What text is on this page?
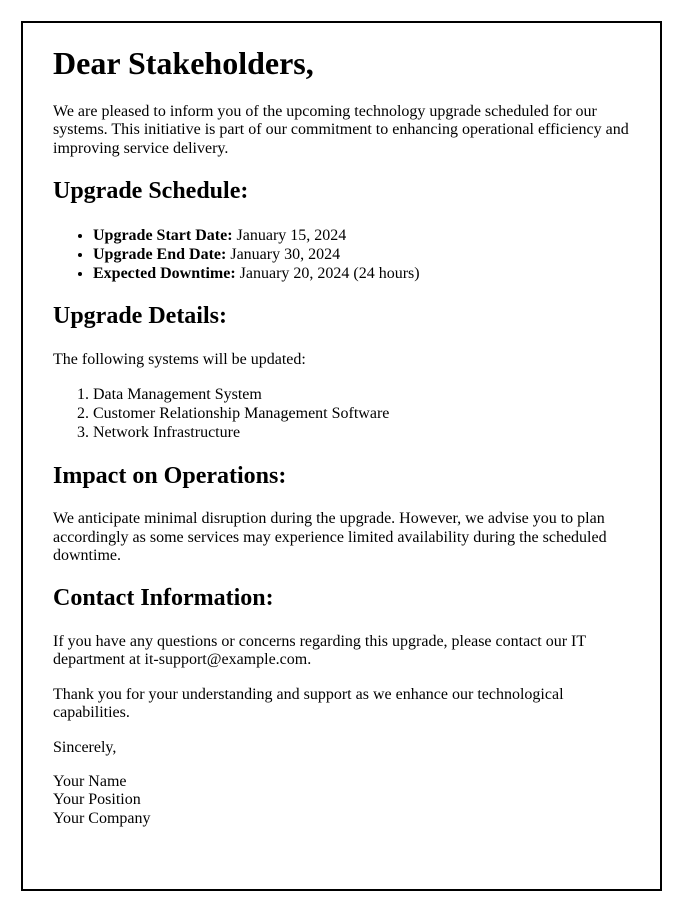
Dear Stakeholders,

We are pleased to inform you of the upcoming technology upgrade scheduled for our systems. This initiative is part of our commitment to enhancing operational efficiency and improving service delivery.

Upgrade Schedule:
• Upgrade Start Date: January 15, 2024
• Upgrade End Date: January 30, 2024
• Expected Downtime: January 20, 2024 (24 hours)
Upgrade Details:

The following systems will be updated:

1. Data Management System
2. Customer Relationship Management Software
3. Network Infrastructure
Impact on Operations:

We anticipate minimal disruption during the upgrade. However, we advise you to plan accordingly as some services may experience limited availability during the scheduled downtime.

Contact Information:

If you have any questions or concerns regarding this upgrade, please contact our IT department at it-support@example.com.

Thank you for your understanding and support as we enhance our technological capabilities.

Sincerely,

Your Name
Your Position
Your Company
